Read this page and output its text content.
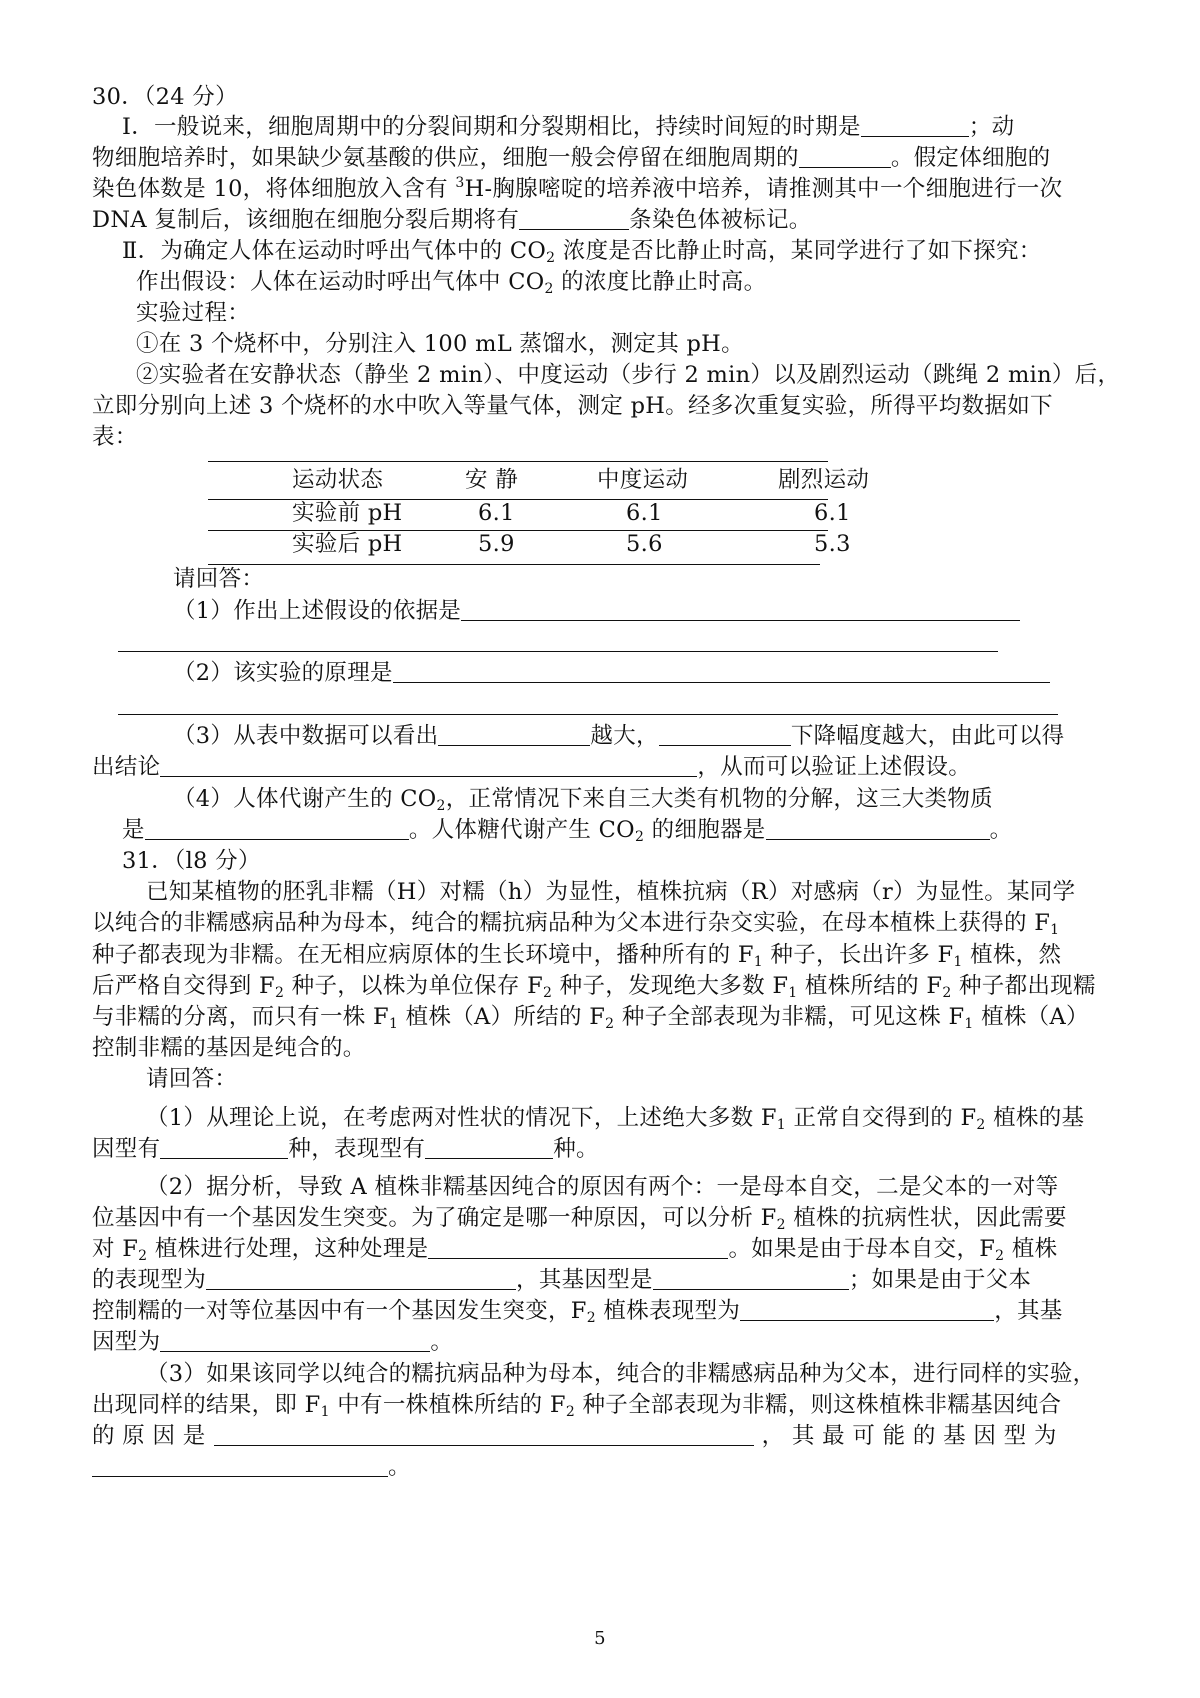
30．（24 分）
Ⅰ．一般说来，细胞周期中的分裂间期和分裂期相比，持续时间短的时期是	；动
物细胞培养时，如果缺少氨基酸的供应，细胞一般会停留在细胞周期的	。假定体细胞的
染色体数是 10，将体细胞放入含有 $^3$H-胸腺嘧啶的培养液中培养，请推测其中一个细胞进行一次
DNA 复制后，该细胞在细胞分裂后期将有	条染色体被标记。
Ⅱ．为确定人体在运动时呼出气体中的 $CO_2$ 浓度是否比静止时高，某同学进行了如下探究：
作出假设：人体在运动时呼出气体中 $CO_2$ 的浓度比静止时高。
实验过程：
①在 3 个烧杯中，分别注入 100 mL 蒸馏水，测定其 pH。
②实验者在安静状态（静坐 2 min）、中度运动（步行 2 min）以及剧烈运动（跳绳 2 min）后，
立即分别向上述 3 个烧杯的水中吹入等量气体，测定 pH。经多次重复实验，所得平均数据如下
表：
运动状态	安 静	中度运动	剧烈运动
实验前 pH	6.1	6.1	6.1
实验后 pH	5.9	5.6	5.3
请回答：
（1）作出上述假设的依据是
（2）该实验的原理是
（3）从表中数据可以看出	越大，	下降幅度越大，由此可以得
出结论	，从而可以验证上述假设。
（4）人体代谢产生的 $CO_2$，正常情况下来自三大类有机物的分解，这三大类物质
是	。人体糖代谢产生 $CO_2$ 的细胞器是	。
31．（l8 分）
已知某植物的胚乳非糯（H）对糯（h）为显性，植株抗病（R）对感病（r）为显性。某同学
以纯合的非糯感病品种为母本，纯合的糯抗病品种为父本进行杂交实验，在母本植株上获得的 $F_1$
种子都表现为非糯。在无相应病原体的生长环境中，播种所有的 $F_1$ 种子，长出许多 $F_1$ 植株，然
后严格自交得到 $F_2$ 种子，以株为单位保存 $F_2$ 种子，发现绝大多数 $F_1$ 植株所结的 $F_2$ 种子都出现糯
与非糯的分离，而只有一株 $F_1$ 植株（A）所结的 $F_2$ 种子全部表现为非糯，可见这株 $F_1$ 植株（A）
控制非糯的基因是纯合的。
请回答：
（1）从理论上说，在考虑两对性状的情况下，上述绝大多数 $F_1$ 正常自交得到的 $F_2$ 植株的基
因型有	种，表现型有	种。
（2）据分析，导致 A 植株非糯基因纯合的原因有两个：一是母本自交，二是父本的一对等
位基因中有一个基因发生突变。为了确定是哪一种原因，可以分析 $F_2$ 植株的抗病性状，因此需要
对 $F_2$ 植株进行处理，这种处理是	。如果是由于母本自交，$F_2$ 植株
的表现型为	，其基因型是	；如果是由于父本
控制糯的一对等位基因中有一个基因发生突变，$F_2$ 植株表现型为	，其基
因型为	。
（3）如果该同学以纯合的糯抗病品种为母本，纯合的非糯感病品种为父本，进行同样的实验，
出现同样的结果，即 $F_1$ 中有一株植株所结的 $F_2$ 种子全部表现为非糯，则这株植株非糯基因纯合
的 原 因 是	， 其 最 可 能 的 基 因 型 为
。
5
